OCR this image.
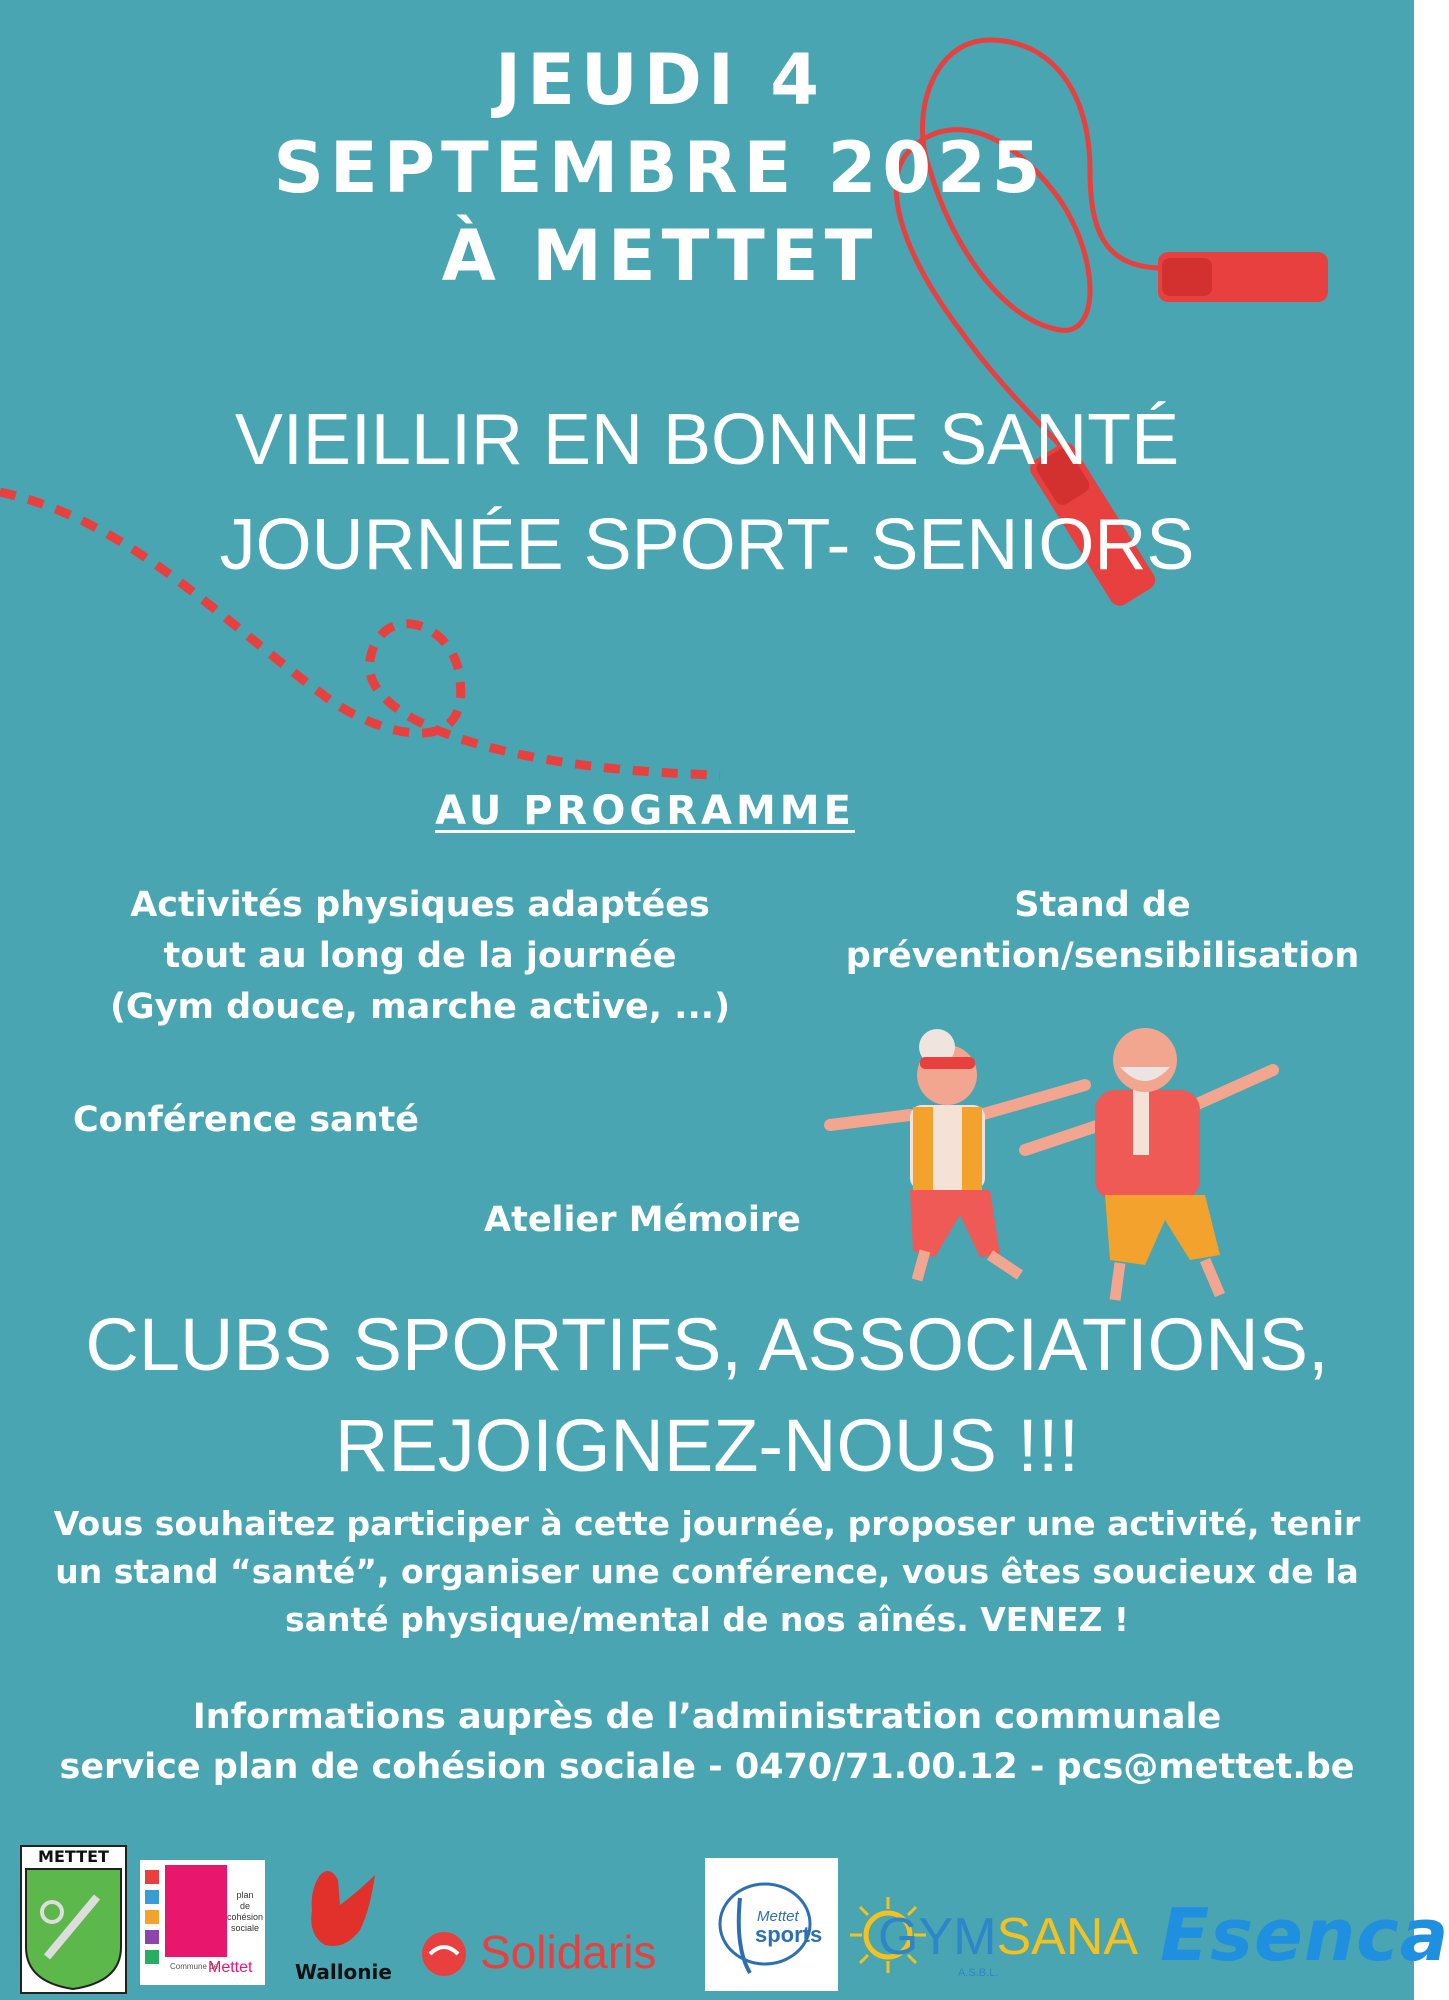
JEUDI 4
SEPTEMBRE 2025
À METTET
VIEILLIR EN BONNE SANTÉ
JOURNÉE SPORT- SENIORS
AU PROGRAMME
Activités physiques adaptées
tout au long de la journée
(Gym douce, marche active, ...)
Stand de
prévention/sensibilisation
Conférence santé
Atelier Mémoire
CLUBS SPORTIFS, ASSOCIATIONS,
REJOIGNEZ-NOUS !!!
Vous souhaitez participer à cette journée, proposer une activité, tenir
un stand “santé”, organiser une conférence, vous êtes soucieux de la
santé physique/mental de nos aînés. VENEZ !
Informations auprès de l’administration communale
service plan de cohésion sociale - 0470/71.00.12 - pcs@mettet.be
METTET
plan
de
cohésion
sociale
Commune de
Mettet Wallonie Solidaris
Mettet
sports GYMSANA
A.S.B.L. Esenca
